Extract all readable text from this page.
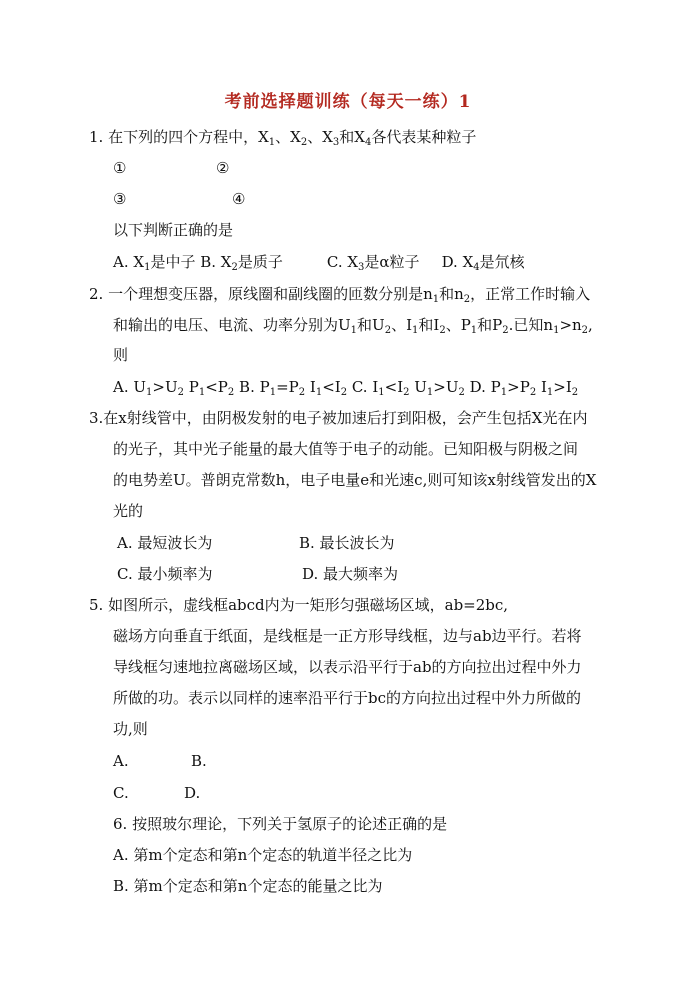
考前选择题训练（每天一练）1
1. 在下列的四个方程中，$X_1$、$X_2$、$X_3$和$X_4$各代表某种粒子
①	②
③	④
以下判断正确的是
A. $X_1$是中子 B. $X_2$是质子	C. $X_3$是α粒子 D. $X_4$是氘核
2. 一个理想变压器，原线圈和副线圈的匝数分别是$n_1$和$n_2$，正常工作时输入
和输出的电压、电流、功率分别为$U_1$和$U_2$、$I_1$和$I_2$、$P_1$和$P_2$.已知$n_1>n_2$,
则
A. $U_1>U_2$ $P_1<P_2$ B. $P_1=P_2$ $I_1<I_2$ C. $I_1<I_2$ $U_1>U_2$ D. $P_1>P_2$ $I_1>I_2$
3.在x射线管中，由阴极发射的电子被加速后打到阳极，会产生包括X光在内
的光子，其中光子能量的最大值等于电子的动能。已知阳极与阴极之间
的电势差U。普朗克常数h，电子电量e和光速c,则可知该x射线管发出的X
光的
A. 最短波长为	B. 最长波长为
C. 最小频率为	D. 最大频率为
5. 如图所示，虚线框abcd内为一矩形匀强磁场区域，ab=2bc,
磁场方向垂直于纸面，是线框是一正方形导线框，边与ab边平行。若将
导线框匀速地拉离磁场区域，以表示沿平行于ab的方向拉出过程中外力
所做的功。表示以同样的速率沿平行于bc的方向拉出过程中外力所做的
功,则
A.	B.
C.	D.
6. 按照玻尔理论，下列关于氢原子的论述正确的是
A. 第m个定态和第n个定态的轨道半径之比为
B. 第m个定态和第n个定态的能量之比为
